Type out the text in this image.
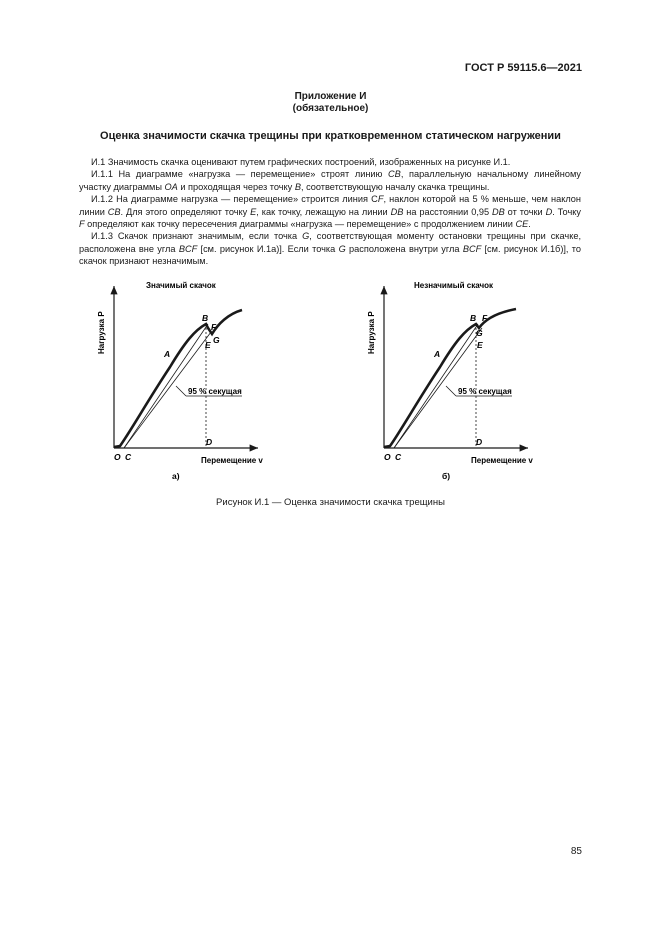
ГОСТ Р 59115.6—2021
Приложение И
(обязательное)
Оценка значимости скачка трещины при кратковременном статическом нагружении

И.1 Значимость скачка оценивают путем графических построений, изображенных на рисунке И.1.

И.1.1 На диаграмме «нагрузка — перемещение» строят линию CB, параллельную начальному линейному участку диаграммы OA и проходящая через точку B, соответствующую началу скачка трещины.

И.1.2 На диаграмме нагрузка — перемещение» строится линия CF, наклон которой на 5 % меньше, чем наклон линии CB. Для этого определяют точку E, как точку, лежащую на линии DB на расстоянии 0,95 DB от точки D. Точку F определяют как точку пересечения диаграммы «нагрузка — перемещение» с продолжением линии CE.

И.1.3 Скачок признают значимым, если точка G, соответствующая моменту остановки трещины при скачке, расположена вне угла BCF [см. рисунок И.1а)]. Если точка G расположена внутри угла BCF [см. рисунок И.1б)], то скачок признают незначимым.

Нагрузка P
Значимый скачок
95 % секущая
O C
A
B
F
G
E
D
Перемещение v
а)
Нагрузка P
Незначимый скачок
95 % секущая
O C
A
B F
G
E
D
Перемещение v
б)
Рисунок И.1 — Оценка значимости скачка трещины
85
